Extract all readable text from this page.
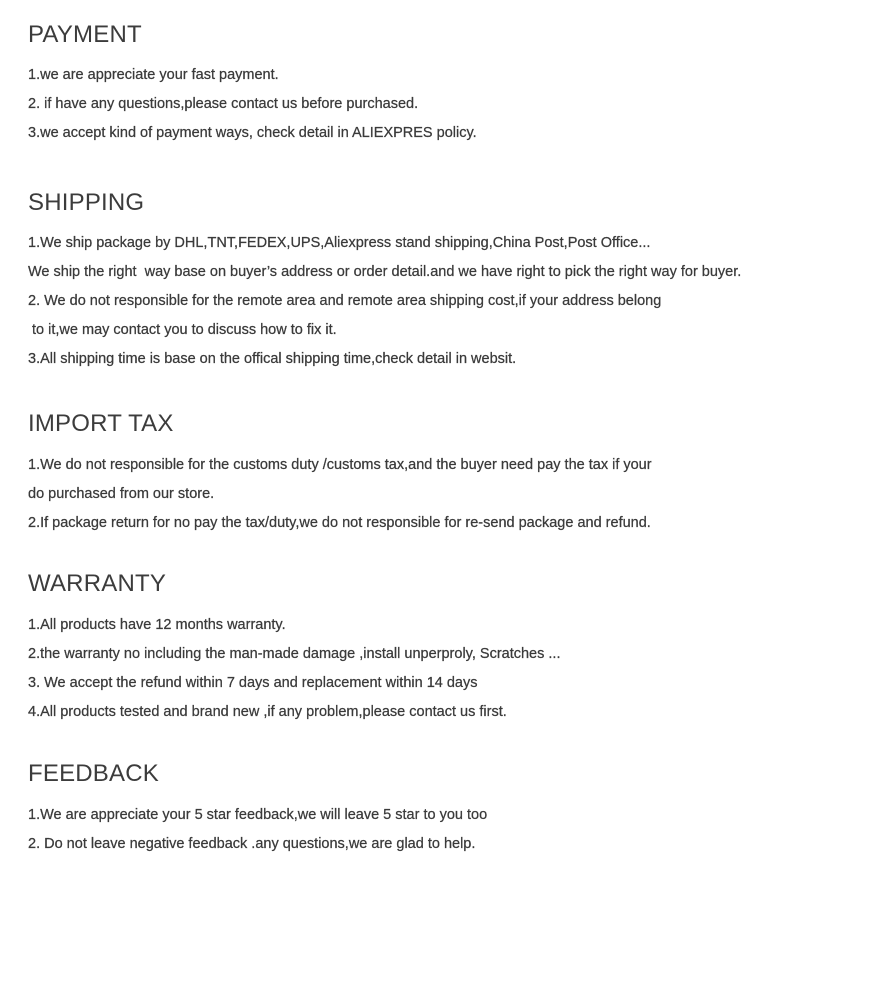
PAYMENT
1.we are appreciate your fast payment.
2. if have any questions,please contact us before purchased.
3.we accept kind of payment ways, check detail in ALIEXPRES policy.
SHIPPING
1.We ship package by DHL,TNT,FEDEX,UPS,Aliexpress stand shipping,China Post,Post Office...
We ship the right  way base on buyer’s address or order detail.and we have right to pick the right way for buyer.
2. We do not responsible for the remote area and remote area shipping cost,if your address belong
to it,we may contact you to discuss how to fix it.
3.All shipping time is base on the offical shipping time,check detail in websit.
IMPORT TAX
1.We do not responsible for the customs duty /customs tax,and the buyer need pay the tax if your
do purchased from our store.
2.If package return for no pay the tax/duty,we do not responsible for re-send package and refund.
WARRANTY
1.All products have 12 months warranty.
2.the warranty no including the man-made damage ,install unperproly, Scratches ...
3. We accept the refund within 7 days and replacement within 14 days
4.All products tested and brand new ,if any problem,please contact us first.
FEEDBACK
1.We are appreciate your 5 star feedback,we will leave 5 star to you too
2. Do not leave negative feedback .any questions,we are glad to help.
